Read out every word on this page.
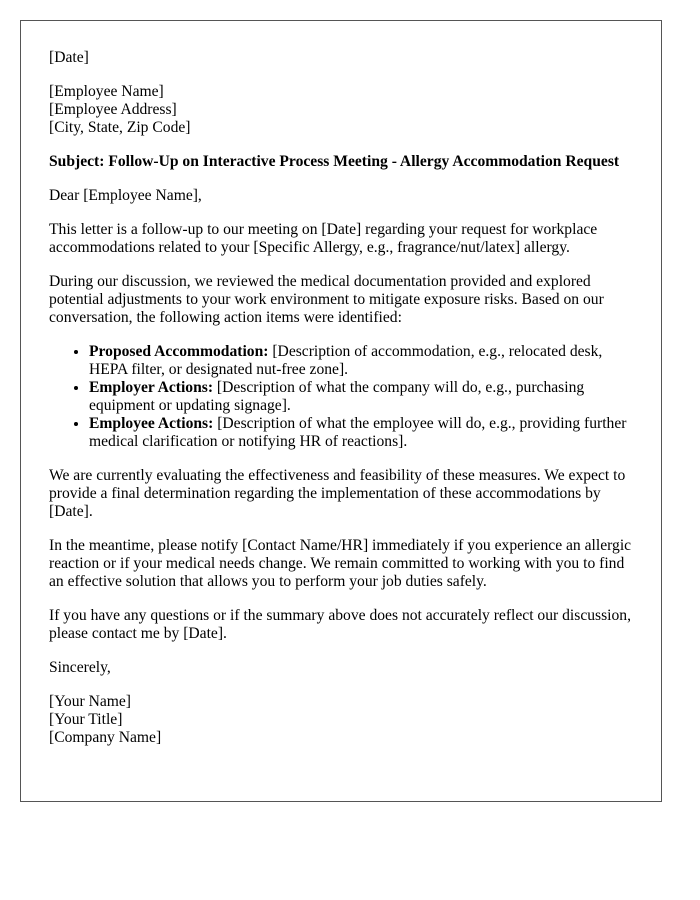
[Date]

[Employee Name]
[Employee Address]
[City, State, Zip Code]

Subject: Follow-Up on Interactive Process Meeting - Allergy Accommodation Request

Dear [Employee Name],

This letter is a follow-up to our meeting on [Date] regarding your request for workplace accommodations related to your [Specific Allergy, e.g., fragrance/nut/latex] allergy.

During our discussion, we reviewed the medical documentation provided and explored potential adjustments to your work environment to mitigate exposure risks. Based on our conversation, the following action items were identified:

• Proposed Accommodation: [Description of accommodation, e.g., relocated desk, HEPA filter, or designated nut-free zone].
• Employer Actions: [Description of what the company will do, e.g., purchasing equipment or updating signage].
• Employee Actions: [Description of what the employee will do, e.g., providing further medical clarification or notifying HR of reactions].

We are currently evaluating the effectiveness and feasibility of these measures. We expect to provide a final determination regarding the implementation of these accommodations by [Date].

In the meantime, please notify [Contact Name/HR] immediately if you experience an allergic reaction or if your medical needs change. We remain committed to working with you to find an effective solution that allows you to perform your job duties safely.

If you have any questions or if the summary above does not accurately reflect our discussion, please contact me by [Date].

Sincerely,

[Your Name]
[Your Title]
[Company Name]
